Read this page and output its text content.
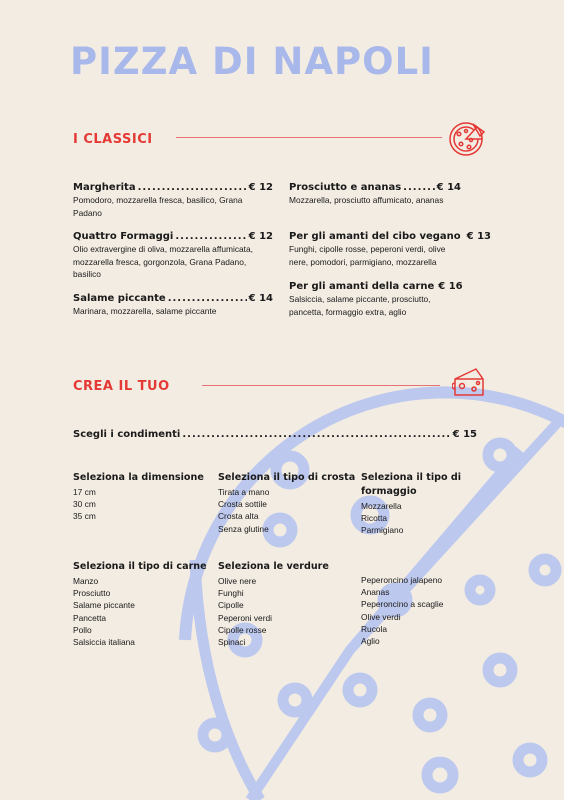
PIZZA DI NAPOLI
I CLASSICI
Margherita .....	€ 12
Pomodoro, mozzarella fresca, basilico, Grana Padano
Quattro Formaggi .....	€ 12
Olio extravergine di oliva, mozzarella affumicata, mozzarella fresca, gorgonzola, Grana Padano, basilico
Salame piccante .....	€ 14
Marinara, mozzarella, salame piccante
Prosciutto e ananas .....	€ 14
Mozzarella, prosciutto affumicato, ananas
Per gli amanti del cibo vegano € 13
Funghi, cipolle rosse, peperoni verdi, olive nere, pomodori, parmigiano, mozzarella
Per gli amanti della carne € 16
Salsiccia, salame piccante, prosciutto, pancetta, formaggio extra, aglio
CREA IL TUO
Scegli i condimenti .....	€ 15
Seleziona la dimensione
17 cm
30 cm
35 cm
Seleziona il tipo di crosta
Tirata a mano
Crosta sottile
Crosta alta
Senza glutine
Seleziona il tipo di formaggio
Mozzarella
Ricotta
Parmigiano
Seleziona il tipo di carne
Manzo
Prosciutto
Salame piccante
Pancetta
Pollo
Salsiccia italiana
Seleziona le verdure
Olive nere
Funghi
Cipolle
Peperoni verdi
Cipolle rosse
Spinaci
Peperoncino jalapeno
Ananas
Peperoncino a scaglie
Olive verdi
Rucola
Aglio
